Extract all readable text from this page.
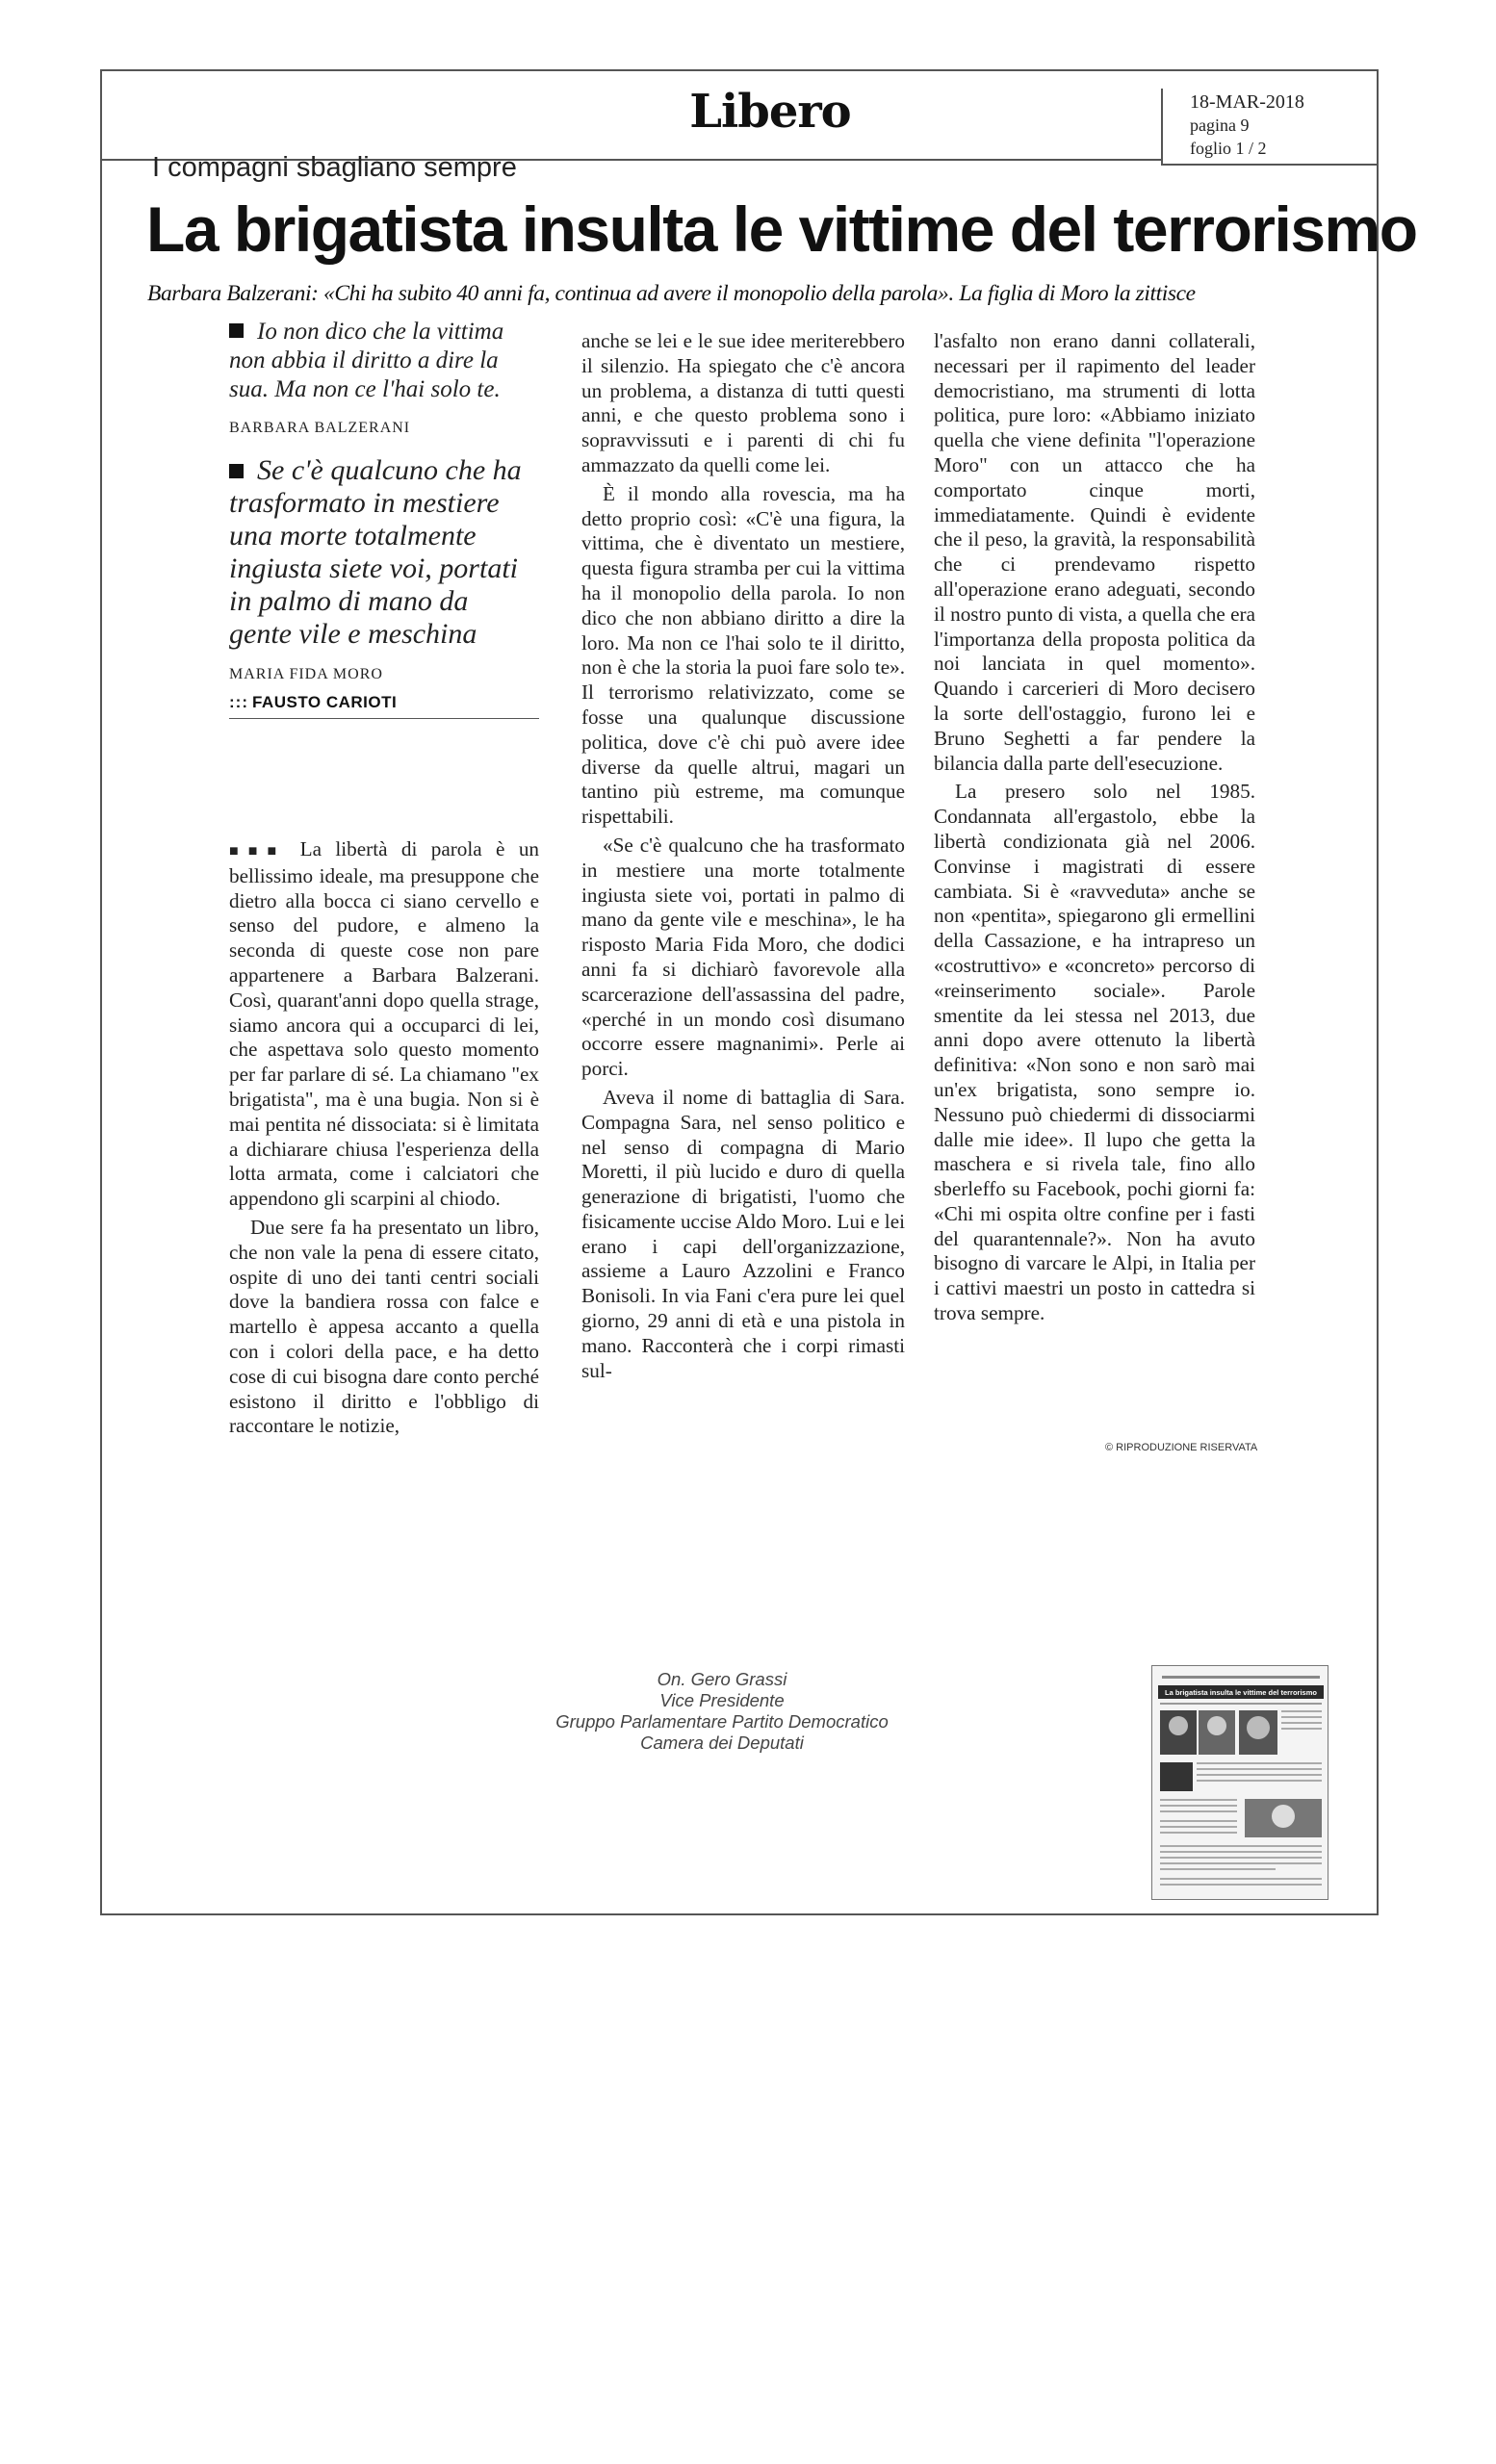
Libero	18-MAR-2018
pagina 9
foglio 1 / 2
I compagni sbagliano sempre
La brigatista insulta le vittime del terrorismo
Barbara Balzerani: «Chi ha subito 40 anni fa, continua ad avere il monopolio della parola». La figlia di Moro la zittisce
Io non dico che la vittima non abbia il diritto a dire la sua. Ma non ce l'hai solo te.
BARBARA BALZERANI
Se c'è qualcuno che ha trasformato in mestiere una morte totalmente ingiusta siete voi, portati in palmo di mano da gente vile e meschina
MARIA FIDA MORO
::: FAUSTO CARIOTI

■■■ La libertà di parola è un bellissimo ideale, ma presuppone che dietro alla bocca ci siano cervello e senso del pudore, e almeno la seconda di queste cose non pare appartenere a Barbara Balzerani. Così, quarant'anni dopo quella strage, siamo ancora qui a occuparci di lei, che aspettava solo questo momento per far parlare di sé. La chiamano "ex brigatista", ma è una bugia. Non si è mai pentita né dissociata: si è limitata a dichiarare chiusa l'esperienza della lotta armata, come i calciatori che appendono gli scarpini al chiodo.

Due sere fa ha presentato un libro, che non vale la pena di essere citato, ospite di uno dei tanti centri sociali dove la bandiera rossa con falce e martello è appesa accanto a quella con i colori della pace, e ha detto cose di cui bisogna dare conto perché esistono il diritto e l'obbligo di raccontare le notizie,

anche se lei e le sue idee meriterebbero il silenzio. Ha spiegato che c'è ancora un problema, a distanza di tutti questi anni, e che questo problema sono i sopravvissuti e i parenti di chi fu ammazzato da quelli come lei.

È il mondo alla rovescia, ma ha detto proprio così: «C'è una figura, la vittima, che è diventato un mestiere, questa figura stramba per cui la vittima ha il monopolio della parola. Io non dico che non abbiano diritto a dire la loro. Ma non ce l'hai solo te il diritto, non è che la storia la puoi fare solo te». Il terrorismo relativizzato, come se fosse una qualunque discussione politica, dove c'è chi può avere idee diverse da quelle altrui, magari un tantino più estreme, ma comunque rispettabili.

«Se c'è qualcuno che ha trasformato in mestiere una morte totalmente ingiusta siete voi, portati in palmo di mano da gente vile e meschina», le ha risposto Maria Fida Moro, che dodici anni fa si dichiarò favorevole alla scarcerazione dell'assassina del padre, «perché in un mondo così disumano occorre essere magnanimi». Perle ai porci.

Aveva il nome di battaglia di Sara. Compagna Sara, nel senso politico e nel senso di compagna di Mario Moretti, il più lucido e duro di quella generazione di brigatisti, l'uomo che fisicamente uccise Aldo Moro. Lui e lei erano i capi dell'organizzazione, assieme a Lauro Azzolini e Franco Bonisoli. In via Fani c'era pure lei quel giorno, 29 anni di età e una pistola in mano. Racconterà che i corpi rimasti sul-

l'asfalto non erano danni collaterali, necessari per il rapimento del leader democristiano, ma strumenti di lotta politica, pure loro: «Abbiamo iniziato quella che viene definita "l'operazione Moro" con un attacco che ha comportato cinque morti, immediatamente. Quindi è evidente che il peso, la gravità, la responsabilità che ci prendevamo rispetto all'operazione erano adeguati, secondo il nostro punto di vista, a quella che era l'importanza della proposta politica da noi lanciata in quel momento». Quando i carcerieri di Moro decisero la sorte dell'ostaggio, furono lei e Bruno Seghetti a far pendere la bilancia dalla parte dell'esecuzione.

La presero solo nel 1985. Condannata all'ergastolo, ebbe la libertà condizionata già nel 2006. Convinse i magistrati di essere cambiata. Si è «ravveduta» anche se non «pentita», spiegarono gli ermellini della Cassazione, e ha intrapreso un «costruttivo» e «concreto» percorso di «reinserimento sociale». Parole smentite da lei stessa nel 2013, due anni dopo avere ottenuto la libertà definitiva: «Non sono e non sarò mai un'ex brigatista, sono sempre io. Nessuno può chiedermi di dissociarmi dalle mie idee». Il lupo che getta la maschera e si rivela tale, fino allo sberleffo su Facebook, pochi giorni fa: «Chi mi ospita oltre confine per i fasti del quarantennale?». Non ha avuto bisogno di varcare le Alpi, in Italia per i cattivi maestri un posto in cattedra si trova sempre.

© RIPRODUZIONE RISERVATA
On. Gero Grassi
Vice Presidente
Gruppo Parlamentare Partito Democratico
Camera dei Deputati
La brigatista insulta le vittime del terrorismo
